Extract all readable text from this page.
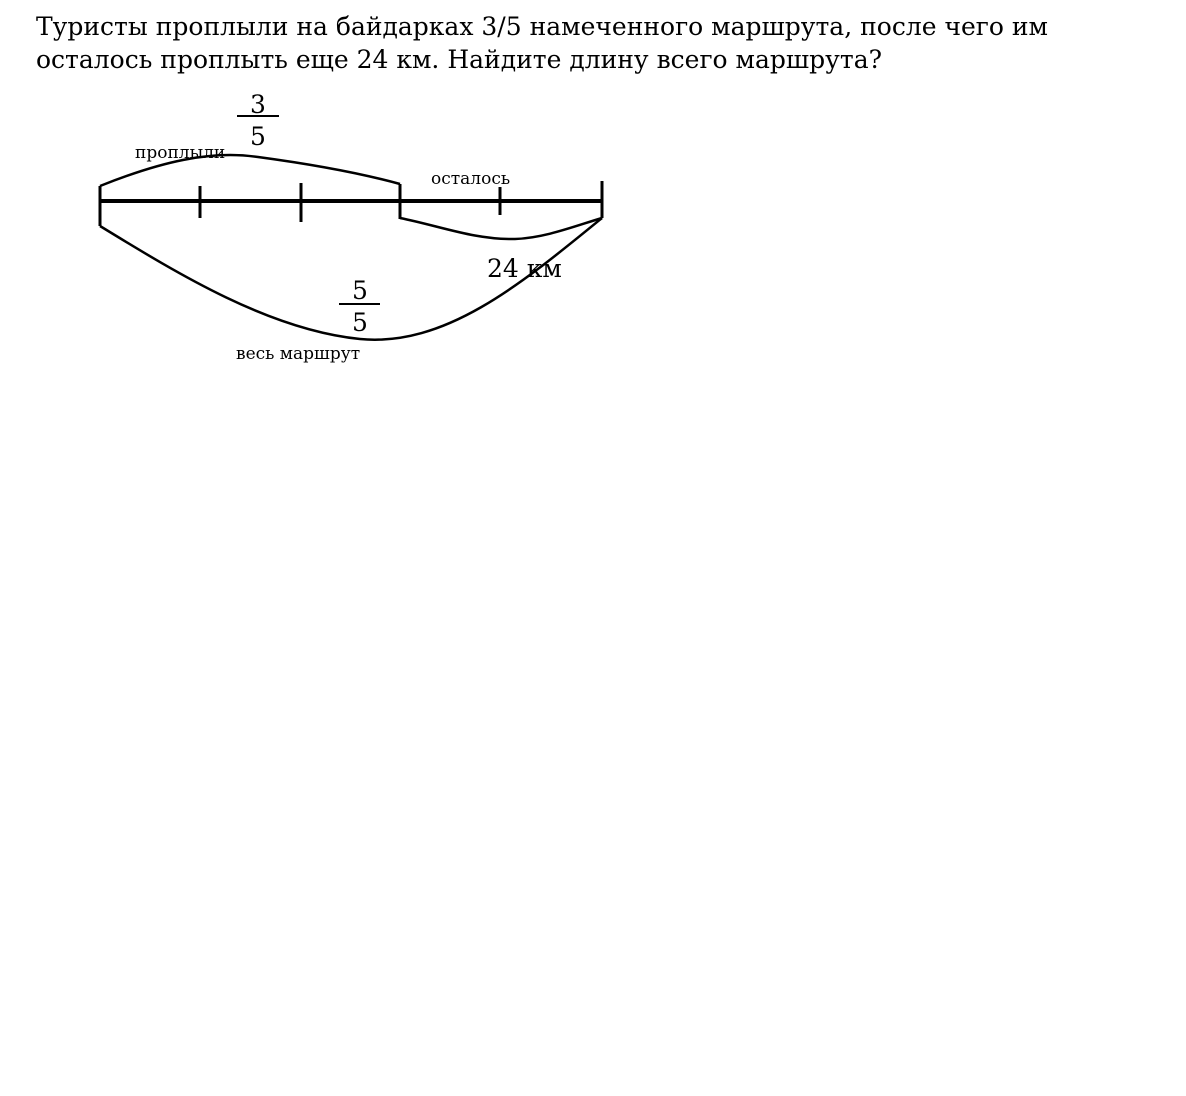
Туристы проплыли на байдарках 3/5 намеченного маршрута, после чего им
осталось проплыть еще 24 км. Найдите длину всего маршрута?
3
5
проплыли
осталось
24 км
5
5
весь маршрут
